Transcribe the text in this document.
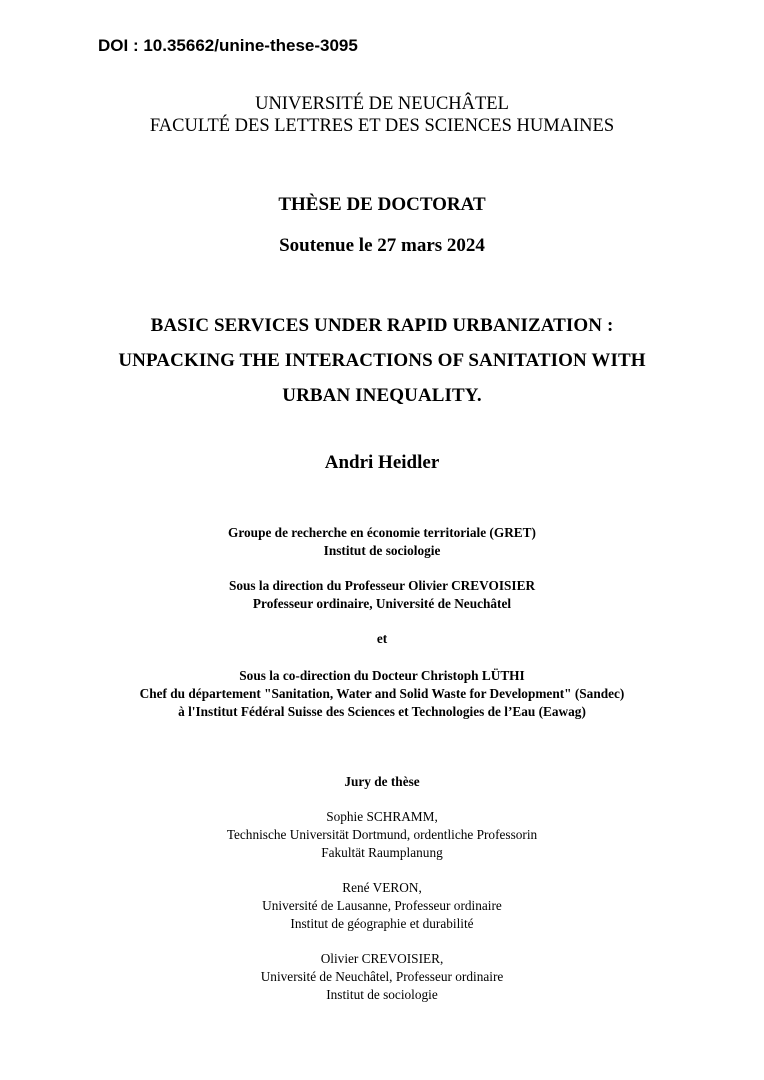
DOI : 10.35662/unine-these-3095
UNIVERSITÉ DE NEUCHÂTEL
FACULTÉ DES LETTRES ET DES SCIENCES HUMAINES
THÈSE DE DOCTORAT
Soutenue le 27 mars 2024
BASIC SERVICES UNDER RAPID URBANIZATION :
UNPACKING THE INTERACTIONS OF SANITATION WITH
URBAN INEQUALITY.
Andri Heidler
Groupe de recherche en économie territoriale (GRET)
Institut de sociologie
Sous la direction du Professeur Olivier CREVOISIER
Professeur ordinaire, Université de Neuchâtel
et
Sous la co-direction du Docteur Christoph LÜTHI
Chef du département "Sanitation, Water and Solid Waste for Development" (Sandec)
à l'Institut Fédéral Suisse des Sciences et Technologies de l’Eau (Eawag)
Jury de thèse
Sophie SCHRAMM,
Technische Universität Dortmund, ordentliche Professorin
Fakultät Raumplanung
René VERON,
Université de Lausanne, Professeur ordinaire
Institut de géographie et durabilité
Olivier CREVOISIER,
Université de Neuchâtel, Professeur ordinaire
Institut de sociologie
